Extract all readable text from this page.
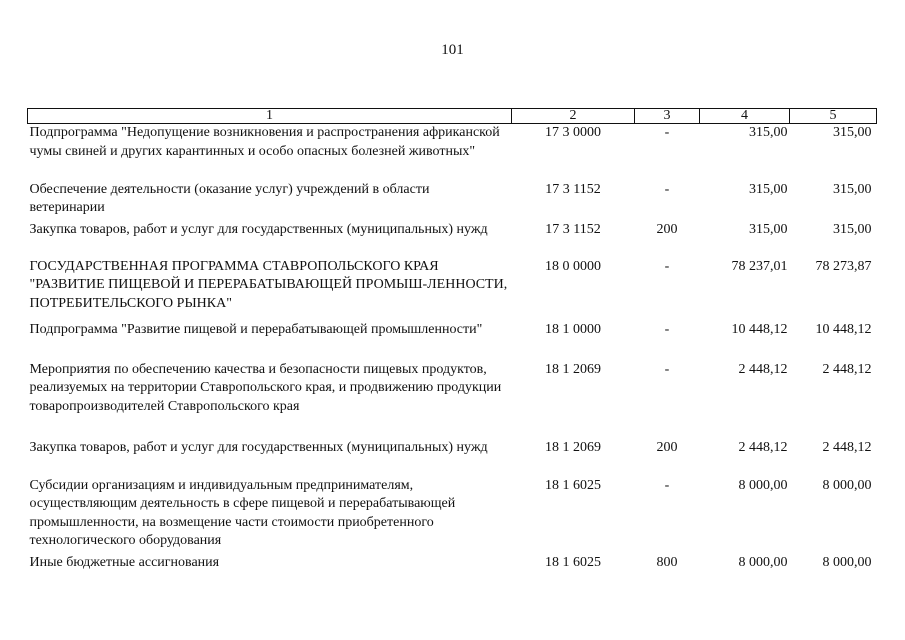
101
1	2	3	4	5
Подпрограмма "Недопущение возникновения и распространения африканской чумы свиней и других карантинных и особо опасных болезней животных"	17 3 0000	-	315,00	315,00
Обеспечение деятельности (оказание услуг) учреждений в области ветеринарии	17 3 1152	-	315,00	315,00
Закупка товаров, работ и услуг для государственных (муниципальных) нужд	17 3 1152	200	315,00	315,00
ГОСУДАРСТВЕННАЯ ПРОГРАММА СТАВРОПОЛЬСКОГО КРАЯ "РАЗВИТИЕ ПИЩЕВОЙ И ПЕРЕРАБАТЫВАЮЩЕЙ ПРОМЫШ-ЛЕННОСТИ, ПОТРЕБИТЕЛЬСКОГО РЫНКА"	18 0 0000	-	78 237,01	78 273,87
Подпрограмма "Развитие пищевой и перерабатывающей промышленности"	18 1 0000	-	10 448,12	10 448,12
Мероприятия по обеспечению качества и безопасности пищевых продуктов, реализуемых на территории Ставропольского края, и продвижению продукции товаропроизводителей Ставропольского края	18 1 2069	-	2 448,12	2 448,12
Закупка товаров, работ и услуг для государственных (муниципальных) нужд	18 1 2069	200	2 448,12	2 448,12
Субсидии организациям и индивидуальным предпринимателям, осуществляющим деятельность в сфере пищевой и перерабатывающей промышленности, на возмещение части стоимости приобретенного технологического оборудования	18 1 6025	-	8 000,00	8 000,00
Иные бюджетные ассигнования	18 1 6025	800	8 000,00	8 000,00
